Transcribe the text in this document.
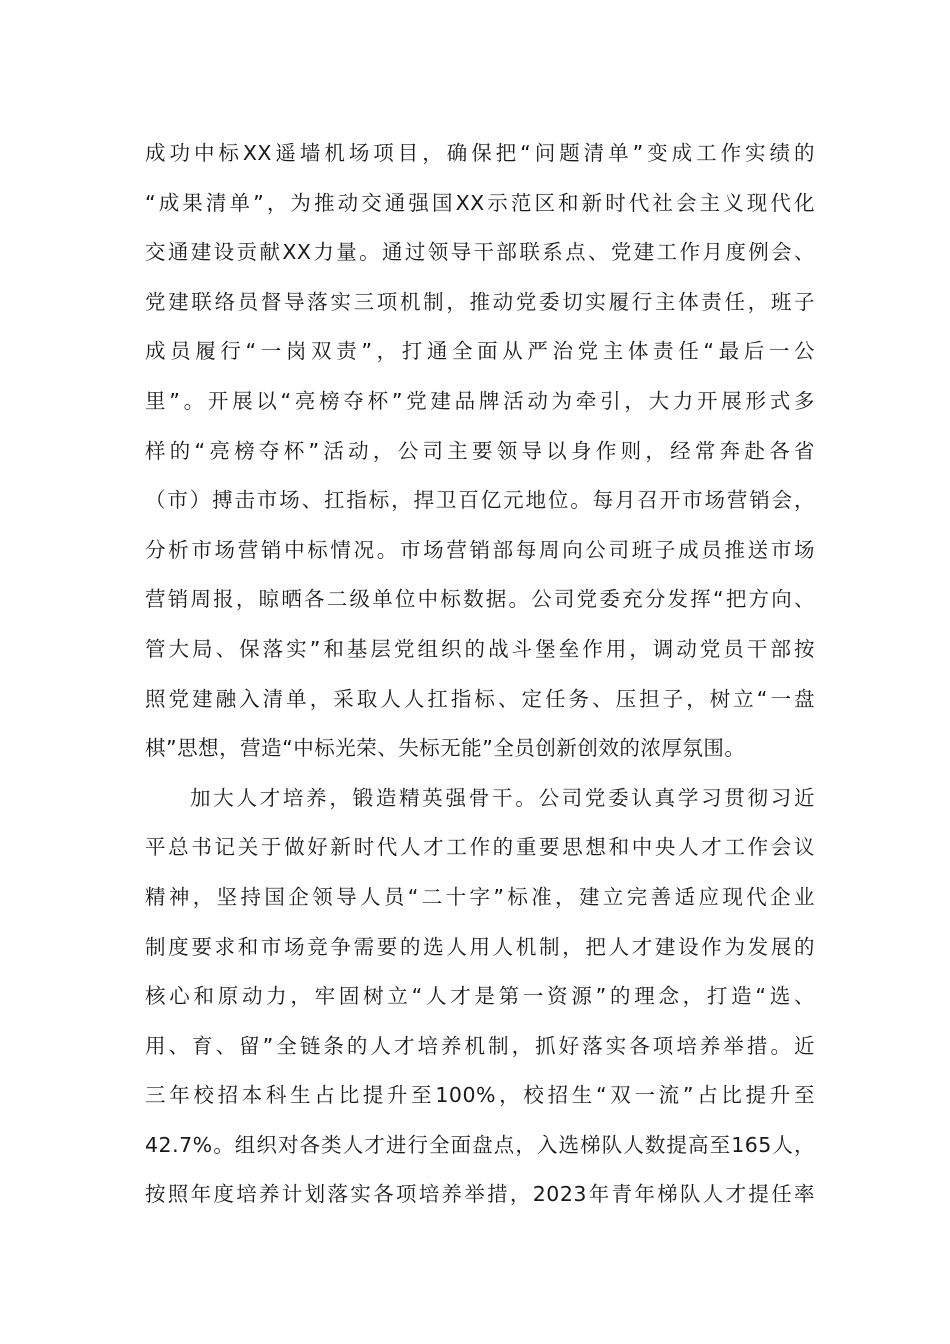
成功中标XX遥墙机场项目，确保把“问题清单”变成工作实绩的
“成果清单”，为推动交通强国XX示范区和新时代社会主义现代化
交通建设贡献XX力量。通过领导干部联系点、党建工作月度例会、
党建联络员督导落实三项机制，推动党委切实履行主体责任，班子
成员履行“一岗双责”，打通全面从严治党主体责任“最后一公
里”。开展以“亮榜夺杯”党建品牌活动为牵引，大力开展形式多
样的“亮榜夺杯”活动，公司主要领导以身作则，经常奔赴各省
（市）搏击市场、扛指标，捍卫百亿元地位。每月召开市场营销会，
分析市场营销中标情况。市场营销部每周向公司班子成员推送市场
营销周报，晾晒各二级单位中标数据。公司党委充分发挥“把方向、
管大局、保落实”和基层党组织的战斗堡垒作用，调动党员干部按
照党建融入清单，采取人人扛指标、定任务、压担子，树立“一盘
棋”思想，营造“中标光荣、失标无能”全员创新创效的浓厚氛围。
加大人才培养，锻造精英强骨干。公司党委认真学习贯彻习近
平总书记关于做好新时代人才工作的重要思想和中央人才工作会议
精神，坚持国企领导人员“二十字”标准，建立完善适应现代企业
制度要求和市场竞争需要的选人用人机制，把人才建设作为发展的
核心和原动力，牢固树立“人才是第一资源”的理念，打造“选、
用、育、留”全链条的人才培养机制，抓好落实各项培养举措。近
三年校招本科生占比提升至100%，校招生“双一流”占比提升至
42.7%。组织对各类人才进行全面盘点，入选梯队人数提高至165人，
按照年度培养计划落实各项培养举措，2023年青年梯队人才提任率
